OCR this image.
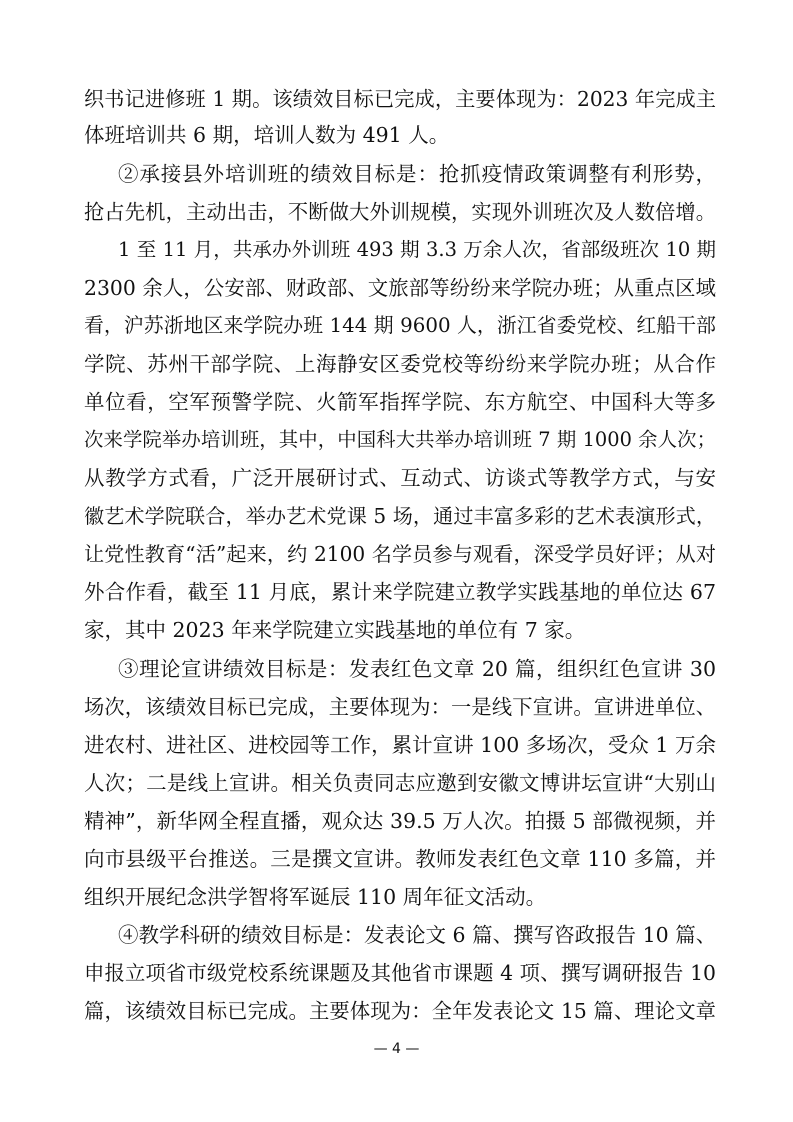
织书记进修班 1 期。该绩效目标已完成，主要体现为：2023 年完成主
体班培训共 6 期，培训人数为 491 人。
②承接县外培训班的绩效目标是：抢抓疫情政策调整有利形势，
抢占先机，主动出击，不断做大外训规模，实现外训班次及人数倍增。
1 至 11 月，共承办外训班 493 期 3.3 万余人次，省部级班次 10 期
2300 余人，公安部、财政部、文旅部等纷纷来学院办班；从重点区域
看，沪苏浙地区来学院办班 144 期 9600 人，浙江省委党校、红船干部
学院、苏州干部学院、上海静安区委党校等纷纷来学院办班；从合作
单位看，空军预警学院、火箭军指挥学院、东方航空、中国科大等多
次来学院举办培训班，其中，中国科大共举办培训班 7 期 1000 余人次；
从教学方式看，广泛开展研讨式、互动式、访谈式等教学方式，与安
徽艺术学院联合，举办艺术党课 5 场，通过丰富多彩的艺术表演形式，
让党性教育“活”起来，约 2100 名学员参与观看，深受学员好评；从对
外合作看，截至 11 月底，累计来学院建立教学实践基地的单位达 67
家，其中 2023 年来学院建立实践基地的单位有 7 家。
③理论宣讲绩效目标是：发表红色文章 20 篇，组织红色宣讲 30
场次，该绩效目标已完成，主要体现为：一是线下宣讲。宣讲进单位、
进农村、进社区、进校园等工作，累计宣讲 100 多场次，受众 1 万余
人次；二是线上宣讲。相关负责同志应邀到安徽文博讲坛宣讲“大别山
精神”，新华网全程直播，观众达 39.5 万人次。拍摄 5 部微视频，并
向市县级平台推送。三是撰文宣讲。教师发表红色文章 110 多篇，并
组织开展纪念洪学智将军诞辰 110 周年征文活动。
④教学科研的绩效目标是：发表论文 6 篇、撰写咨政报告 10 篇、
申报立项省市级党校系统课题及其他省市课题 4 项、撰写调研报告 10
篇，该绩效目标已完成。主要体现为：全年发表论文 15 篇、理论文章
— 4 —
